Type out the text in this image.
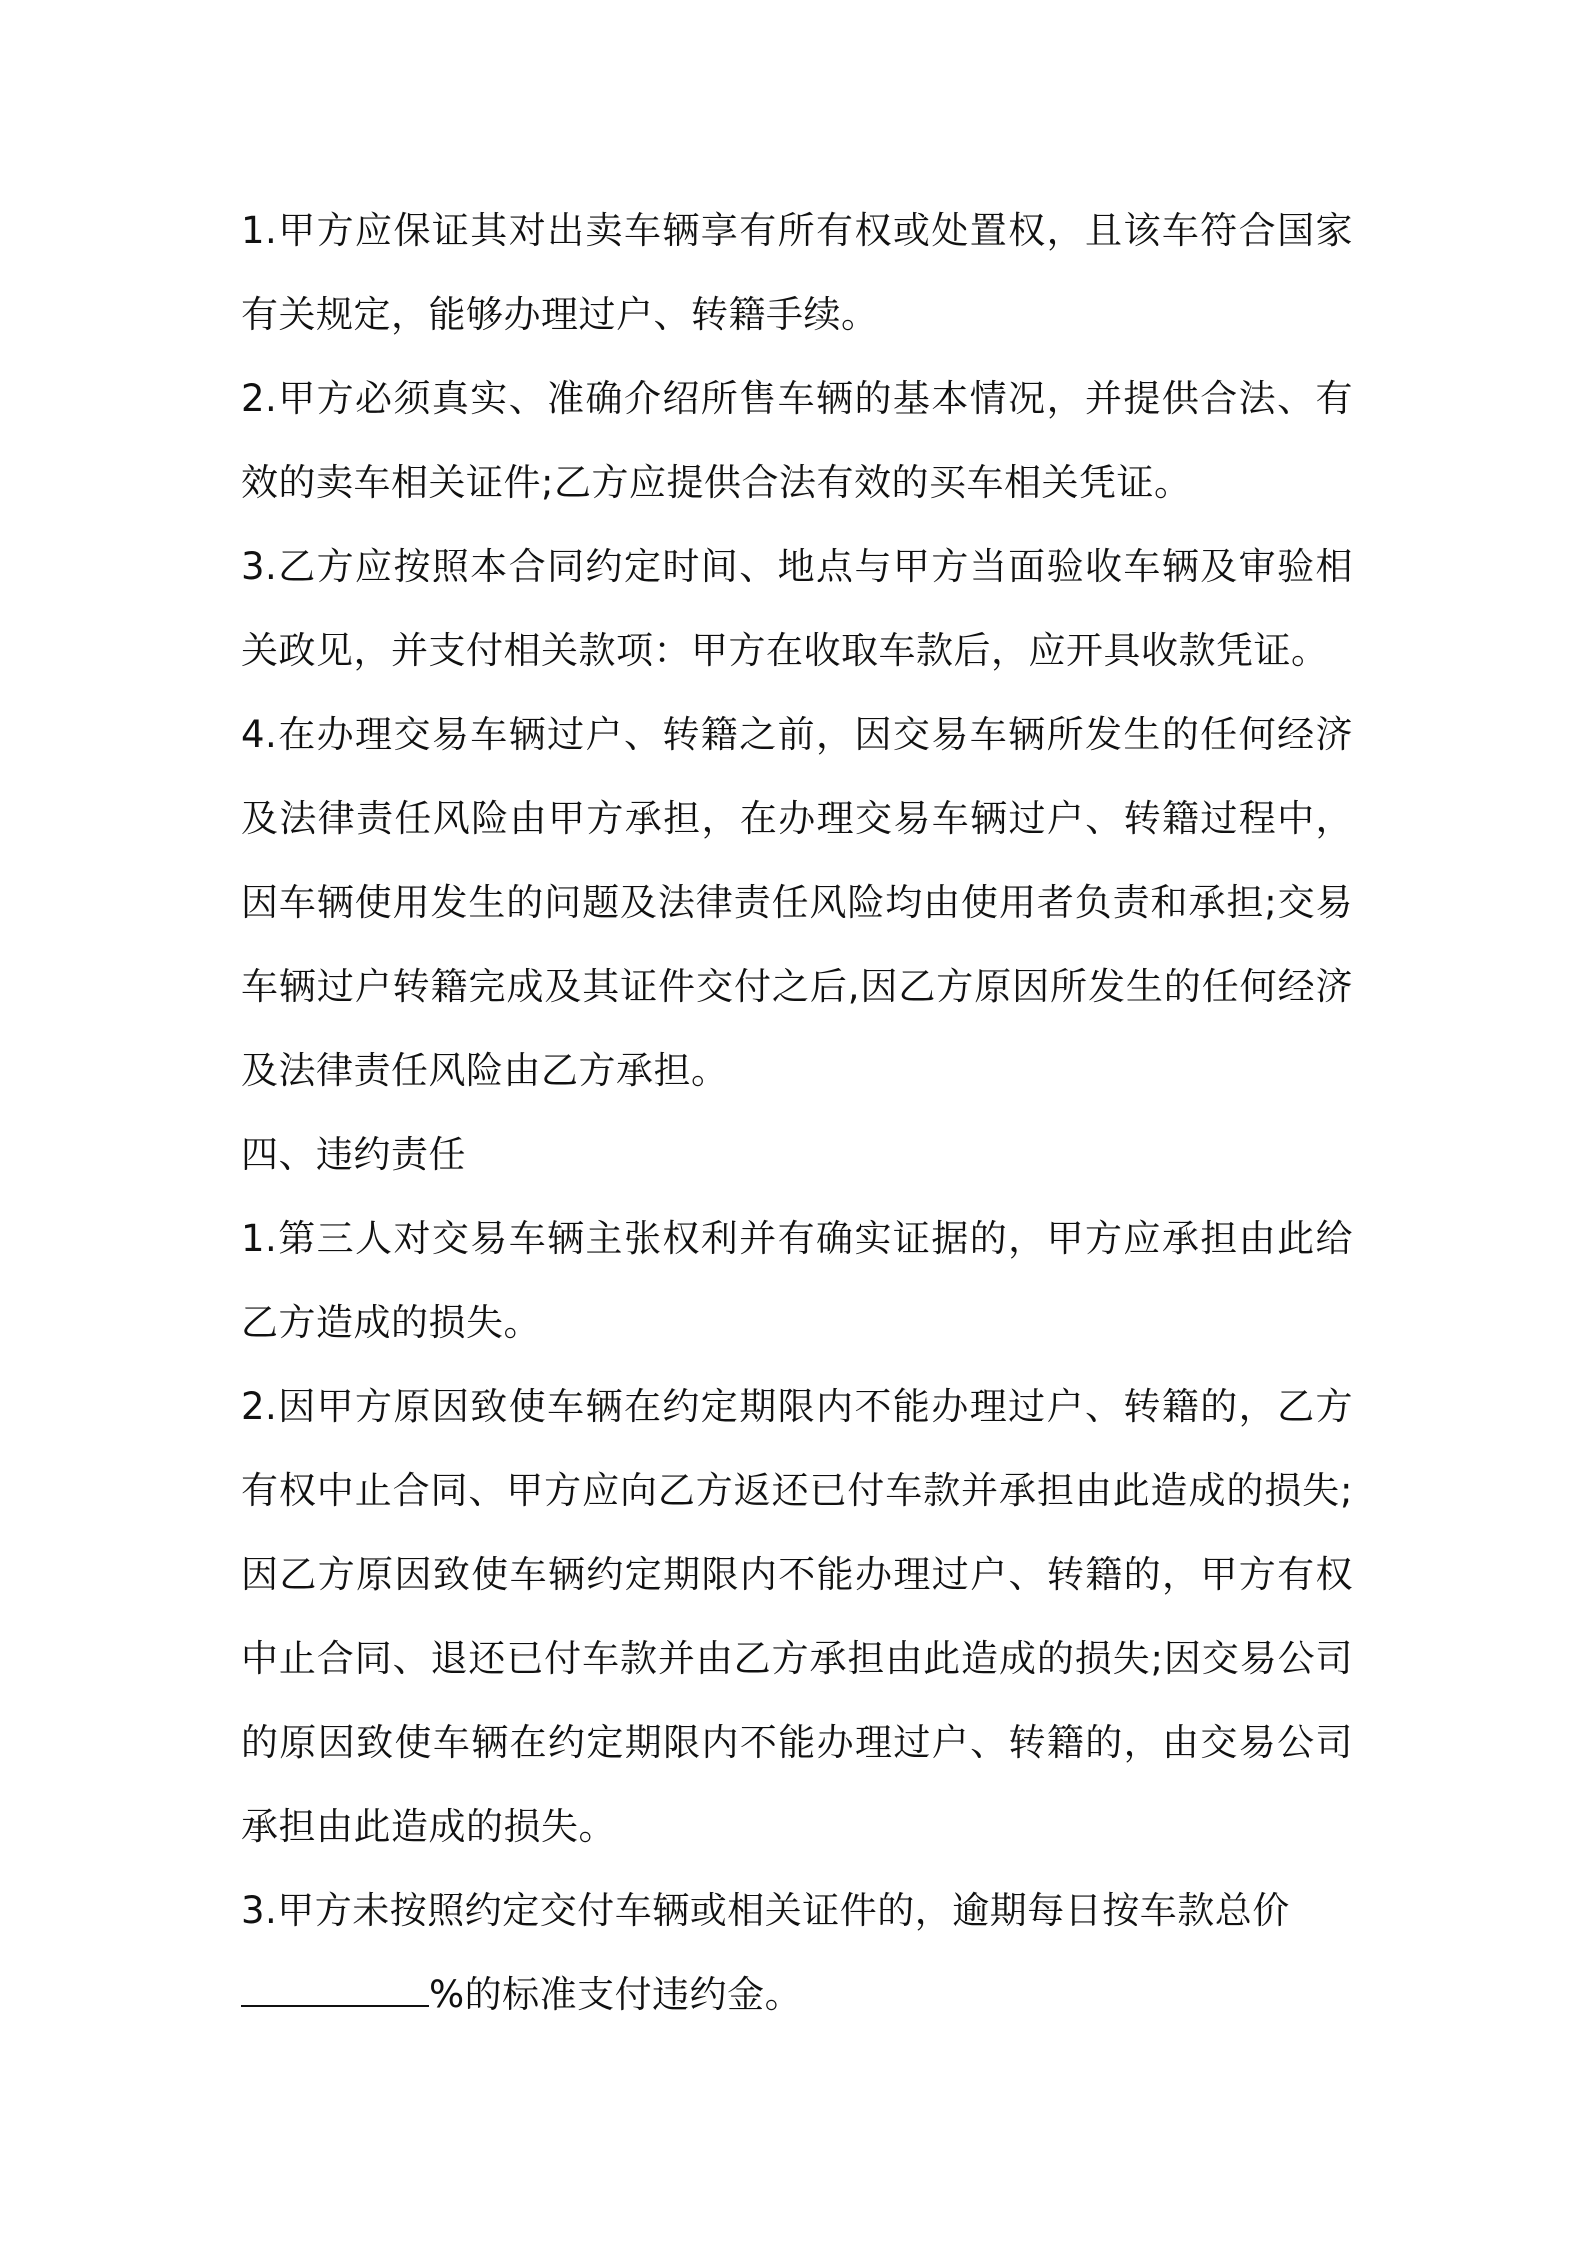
1.甲方应保证其对出卖车辆享有所有权或处置权，且该车符合国家有关规定，能够办理过户、转籍手续。

2.甲方必须真实、准确介绍所售车辆的基本情况，并提供合法、有效的卖车相关证件;乙方应提供合法有效的买车相关凭证。

3.乙方应按照本合同约定时间、地点与甲方当面验收车辆及审验相关政见，并支付相关款项：甲方在收取车款后，应开具收款凭证。

4.在办理交易车辆过户、转籍之前，因交易车辆所发生的任何经济及法律责任风险由甲方承担，在办理交易车辆过户、转籍过程中，因车辆使用发生的问题及法律责任风险均由使用者负责和承担;交易车辆过户转籍完成及其证件交付之后,因乙方原因所发生的任何经济及法律责任风险由乙方承担。

四、违约责任

1.第三人对交易车辆主张权利并有确实证据的，甲方应承担由此给乙方造成的损失。

2.因甲方原因致使车辆在约定期限内不能办理过户、转籍的，乙方有权中止合同、甲方应向乙方返还已付车款并承担由此造成的损失;因乙方原因致使车辆约定期限内不能办理过户、转籍的，甲方有权中止合同、退还已付车款并由乙方承担由此造成的损失;因交易公司的原因致使车辆在约定期限内不能办理过户、转籍的，由交易公司承担由此造成的损失。

3.甲方未按照约定交付车辆或相关证件的，逾期每日按车款总价
%的标准支付违约金。
